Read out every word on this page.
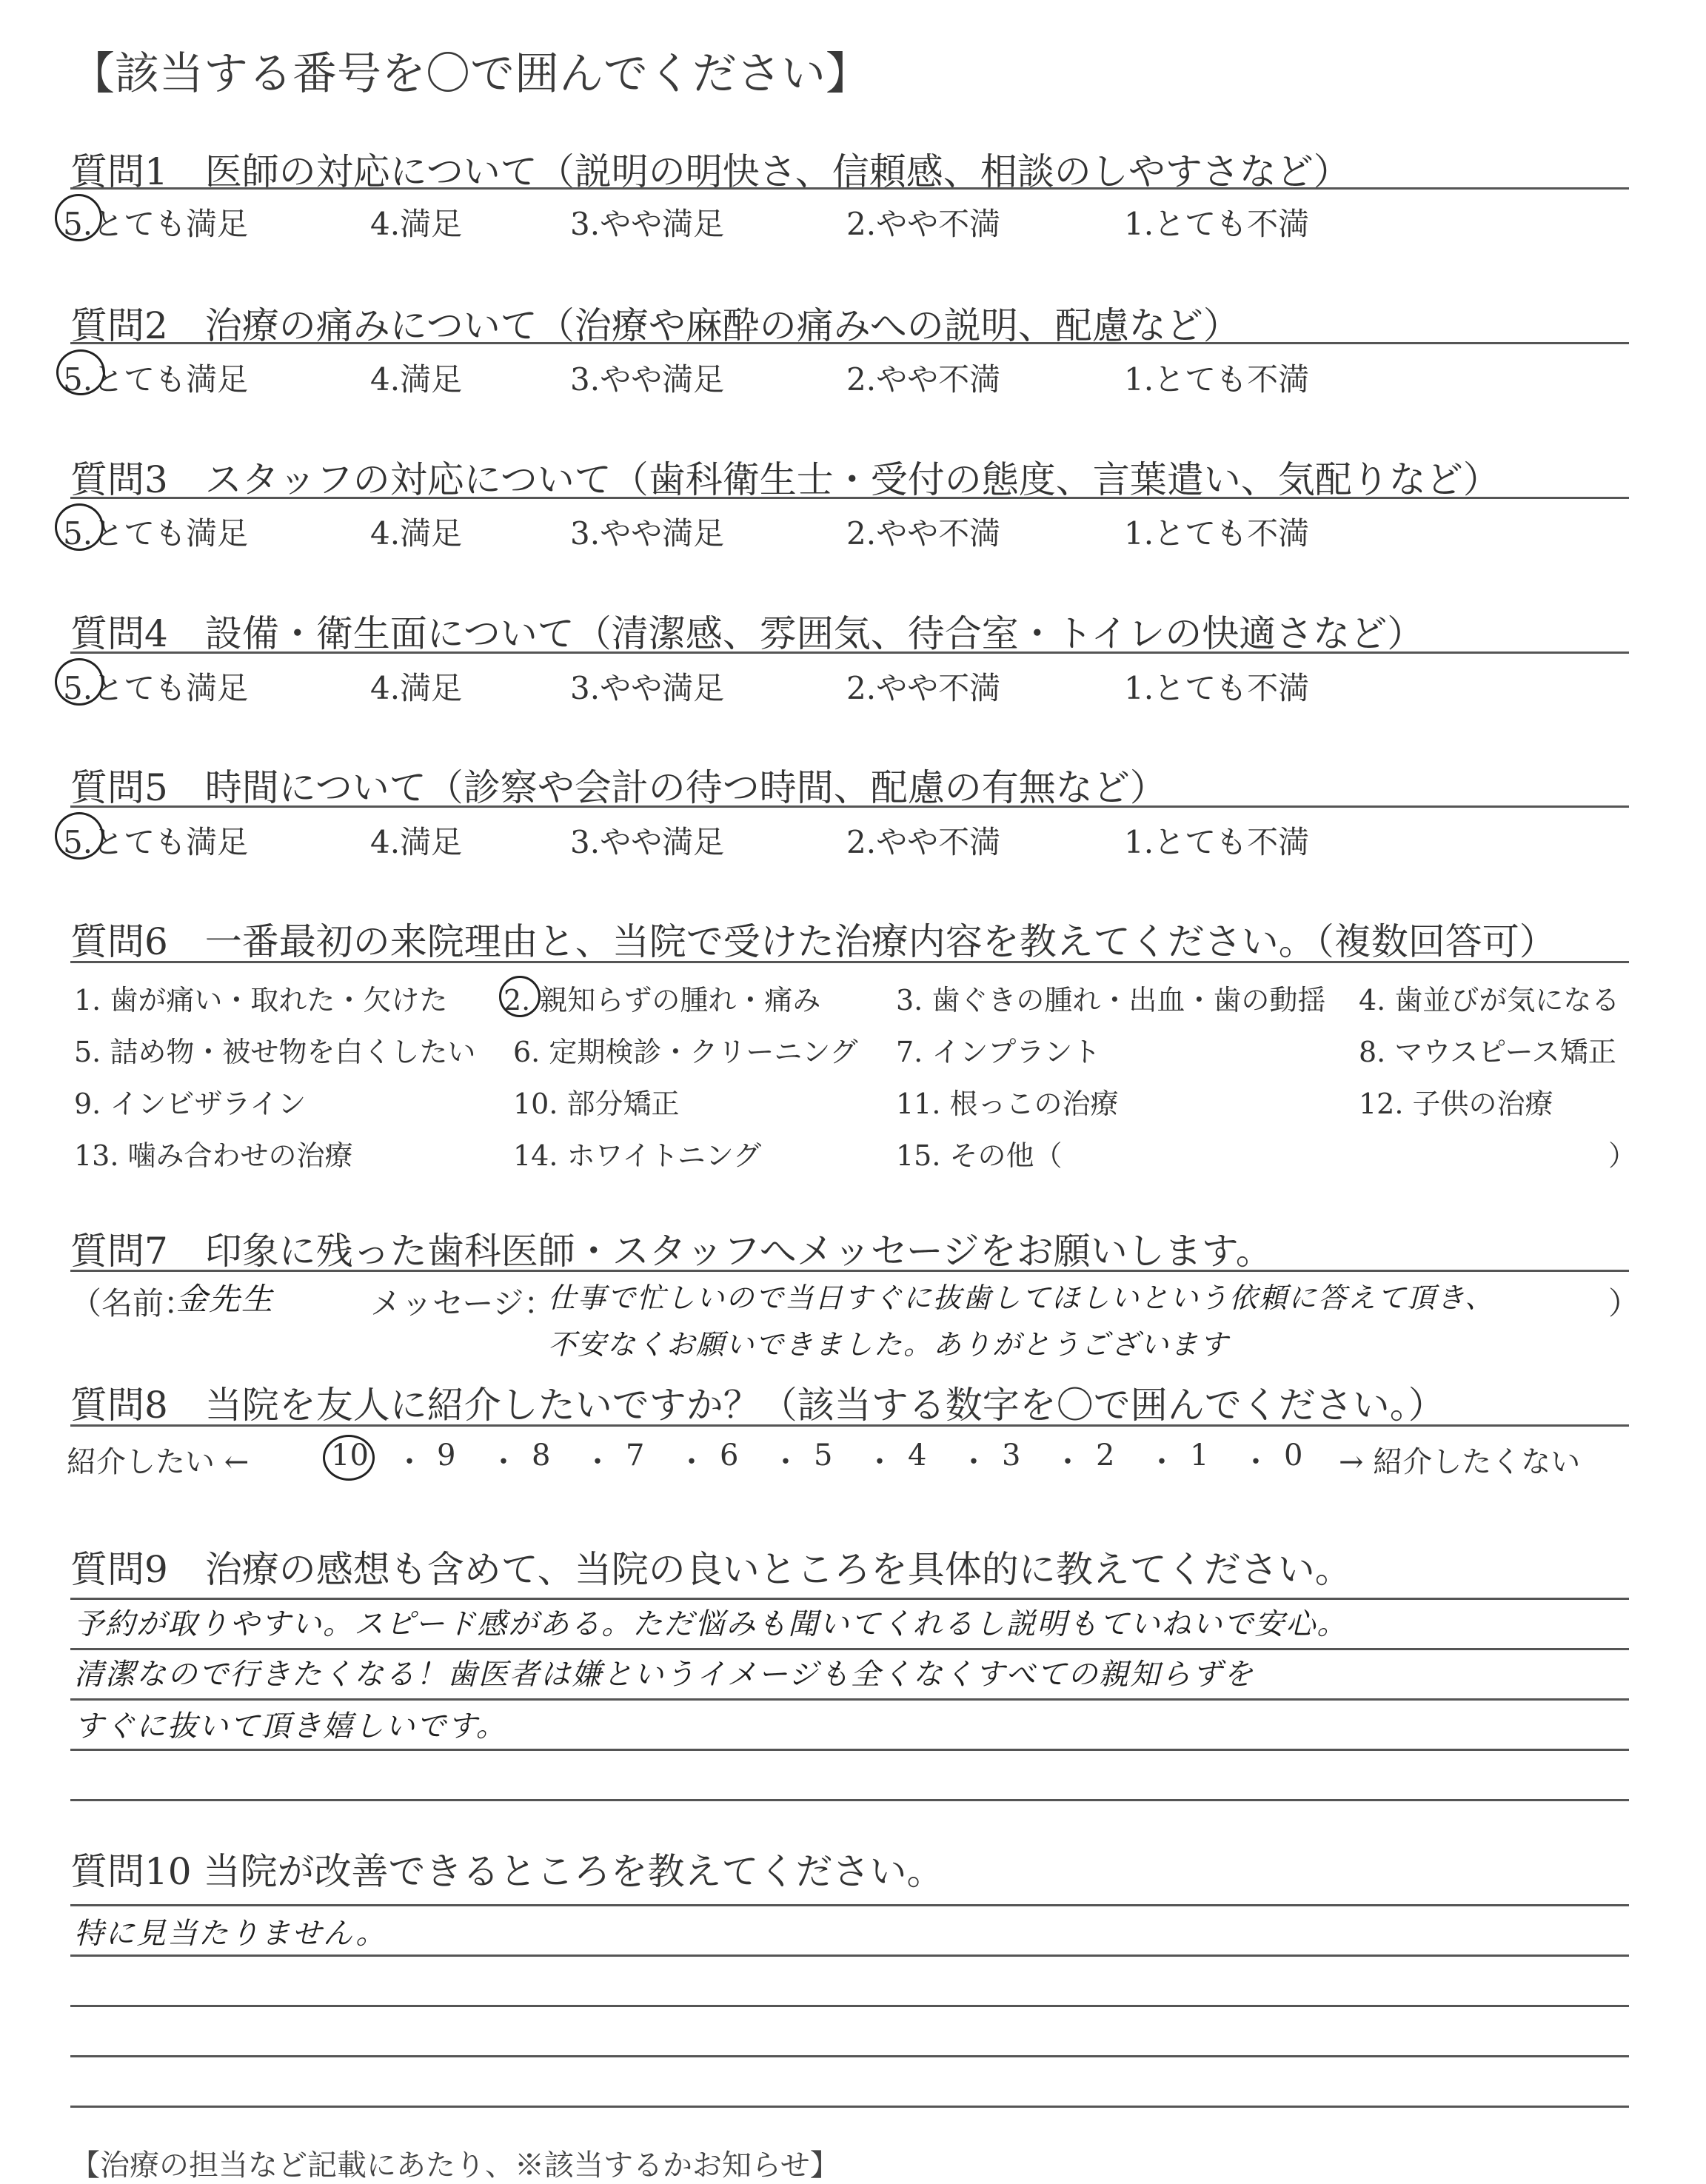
【該当する番号を〇で囲んでください】
質問1　医師の対応について（説明の明快さ、信頼感、相談のしやすさなど）
5.とても満足	4.満足	3.やや満足	2.やや不満	1.とても不満
質問2　治療の痛みについて（治療や麻酔の痛みへの説明、配慮など）
5.とても満足	4.満足	3.やや満足	2.やや不満	1.とても不満
質問3　スタッフの対応について（歯科衛生士・受付の態度、言葉遣い、気配りなど）
5.とても満足	4.満足	3.やや満足	2.やや不満	1.とても不満
質問4　設備・衛生面について（清潔感、雰囲気、待合室・トイレの快適さなど）
5.とても満足	4.満足	3.やや満足	2.やや不満	1.とても不満
質問5　時間について（診察や会計の待つ時間、配慮の有無など）
5.とても満足	4.満足	3.やや満足	2.やや不満	1.とても不満
質問6　一番最初の来院理由と、当院で受けた治療内容を教えてください。（複数回答可）
1. 歯が痛い・取れた・欠けた 2. 親知らずの腫れ・痛み	3. 歯ぐきの腫れ・出血・歯の動揺 4. 歯並びが気になる
5. 詰め物・被せ物を白くしたい 6. 定期検診・クリーニング 7. インプラント	8. マウスピース矯正
9. インビザライン	10. 部分矯正	11. 根っこの治療	12. 子供の治療
13. 噛み合わせの治療	14. ホワイトニング	15. その他（	）
質問7　印象に残った歯科医師・スタッフへメッセージをお願いします。
（名前：
金先生	メッセージ：
仕事で忙しいので当日すぐに抜歯してほしいという依頼に答えて頂き、	）
不安なくお願いできました。ありがとうございます
質問8　当院を友人に紹介したいですか？（該当する数字を〇で囲んでください。）
紹介したい ←	10 ・ 9 ・ 8 ・ 7 ・ 6 ・ 5 ・ 4 ・ 3 ・ 2 ・ 1 ・ 0 → 紹介したくない
質問9　治療の感想も含めて、当院の良いところを具体的に教えてください。
予約が取りやすい。スピード感がある。ただ悩みも聞いてくれるし説明もていねいで安心。
清潔なので行きたくなる！歯医者は嫌というイメージも全くなくすべての親知らずを
すぐに抜いて頂き嬉しいです。
質問10 当院が改善できるところを教えてください。
特に見当たりません。
【治療の担当など記載にあたり、※該当するかお知らせ】
